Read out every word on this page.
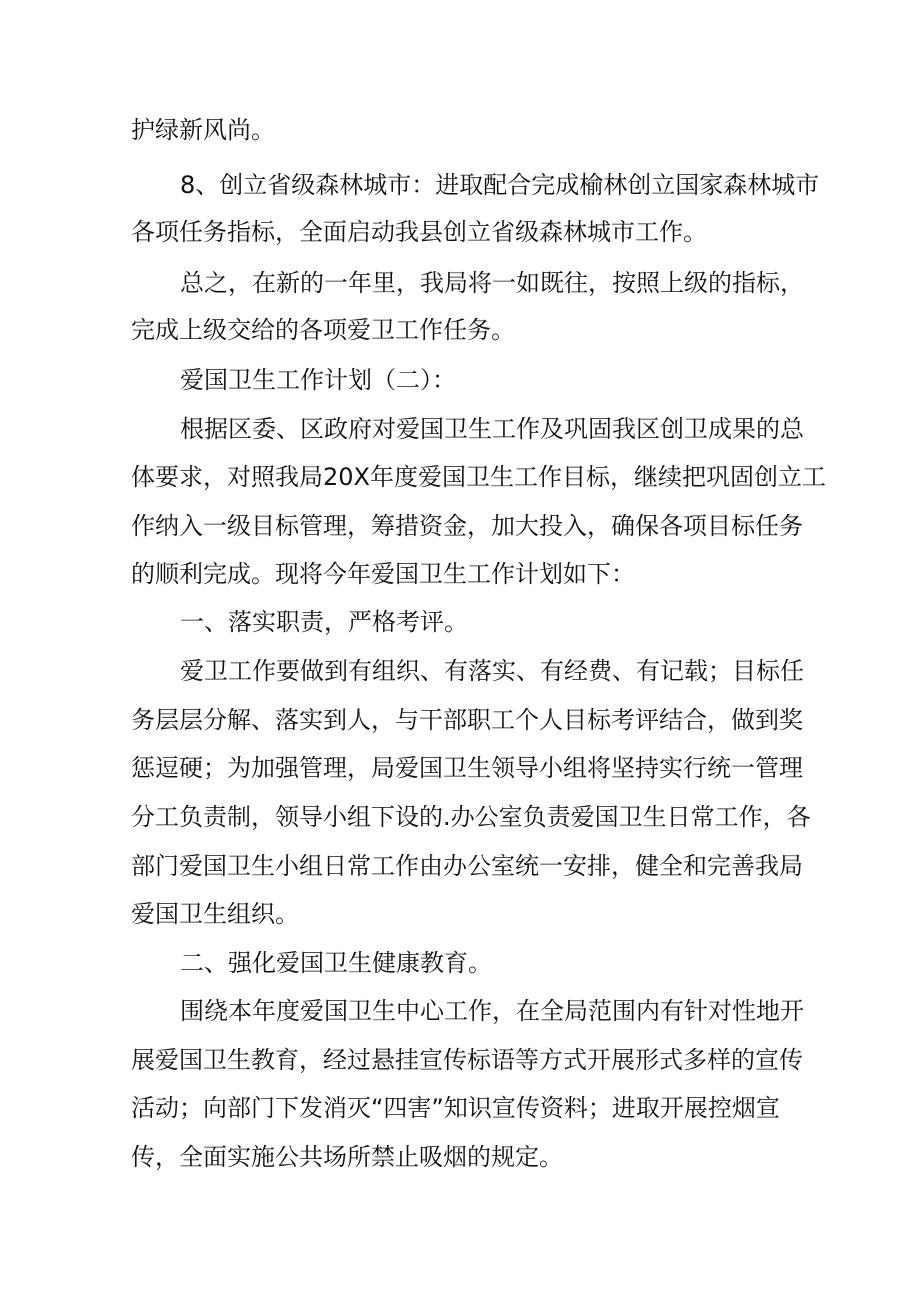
护绿新风尚。

8、创立省级森林城市：进取配合完成榆林创立国家森林城市

各项任务指标，全面启动我县创立省级森林城市工作。

总之，在新的一年里，我局将一如既往，按照上级的指标，

完成上级交给的各项爱卫工作任务。

爱国卫生工作计划（二）：

根据区委、区政府对爱国卫生工作及巩固我区创卫成果的总

体要求，对照我局20X年度爱国卫生工作目标，继续把巩固创立工

作纳入一级目标管理，筹措资金，加大投入，确保各项目标任务

的顺利完成。现将今年爱国卫生工作计划如下：

一、落实职责，严格考评。

爱卫工作要做到有组织、有落实、有经费、有记载；目标任

务层层分解、落实到人，与干部职工个人目标考评结合，做到奖

惩逗硬；为加强管理，局爱国卫生领导小组将坚持实行统一管理

分工负责制，领导小组下设的.办公室负责爱国卫生日常工作，各

部门爱国卫生小组日常工作由办公室统一安排，健全和完善我局

爱国卫生组织。

二、强化爱国卫生健康教育。

围绕本年度爱国卫生中心工作，在全局范围内有针对性地开

展爱国卫生教育，经过悬挂宣传标语等方式开展形式多样的宣传

活动；向部门下发消灭“四害”知识宣传资料；进取开展控烟宣

传，全面实施公共场所禁止吸烟的规定。
